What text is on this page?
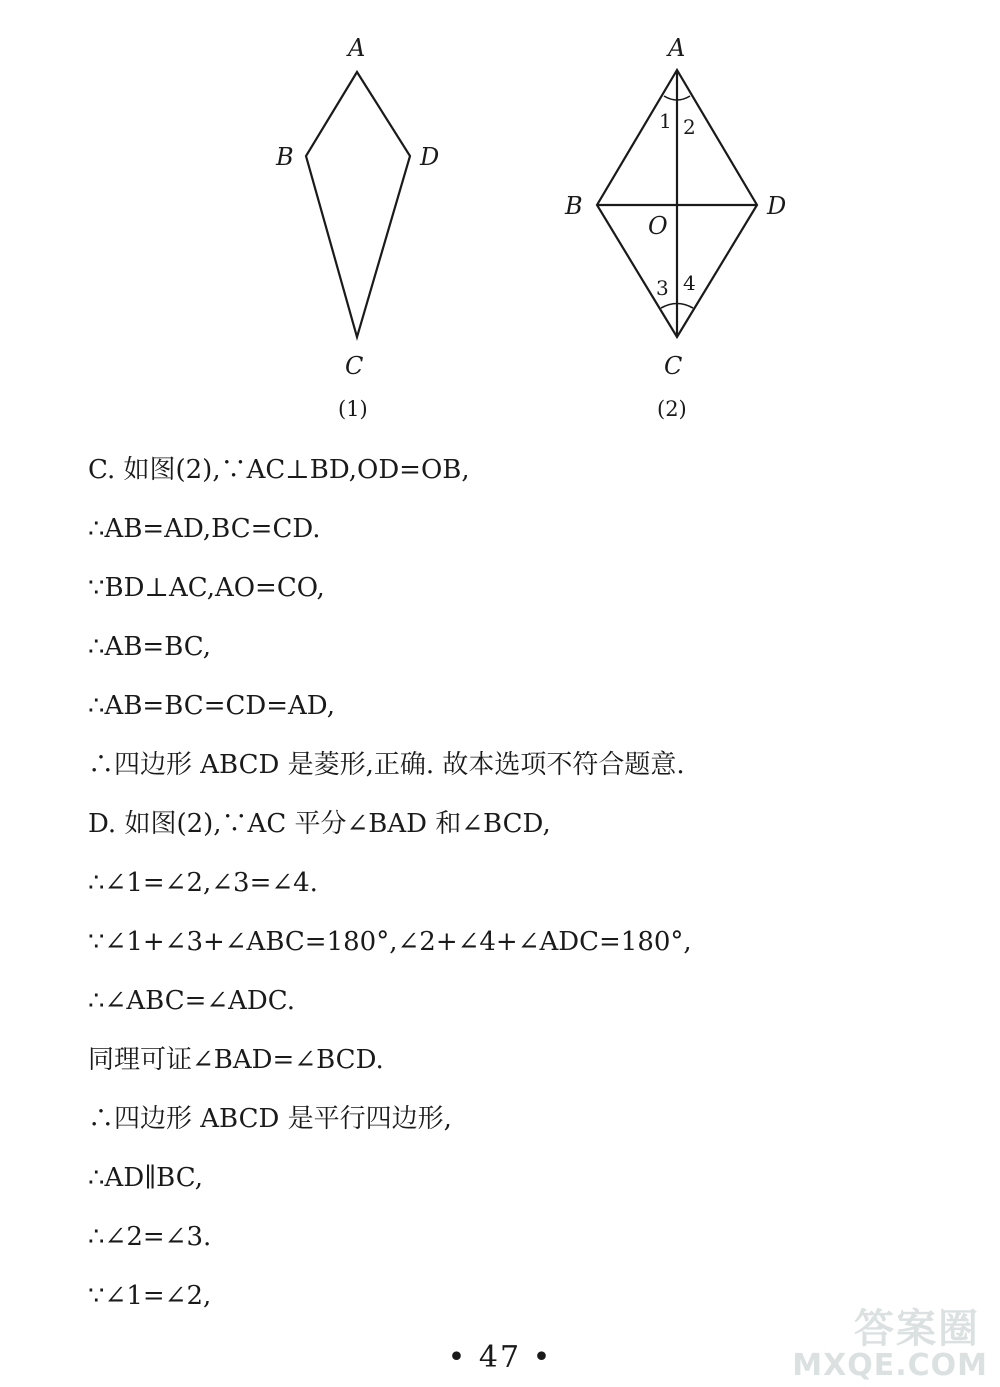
A
B	D
C
(1)
A
B	D
O
C
1 2
3 4
(2)
C. 如图(2),∵AC⊥BD,OD=OB,
∴AB=AD,BC=CD.
∵BD⊥AC,AO=CO,
∴AB=BC,
∴AB=BC=CD=AD,
∴四边形 ABCD 是菱形,正确. 故本选项不符合题意.
D. 如图(2),∵AC 平分∠BAD 和∠BCD,
∴∠1=∠2,∠3=∠4.
∵∠1+∠3+∠ABC=180°,∠2+∠4+∠ADC=180°,
∴∠ABC=∠ADC.
同理可证∠BAD=∠BCD.
∴四边形 ABCD 是平行四边形,
∴AD∥BC,
∴∠2=∠3.
∵∠1=∠2,
• 47 •
答案圈
MXQE.COM
